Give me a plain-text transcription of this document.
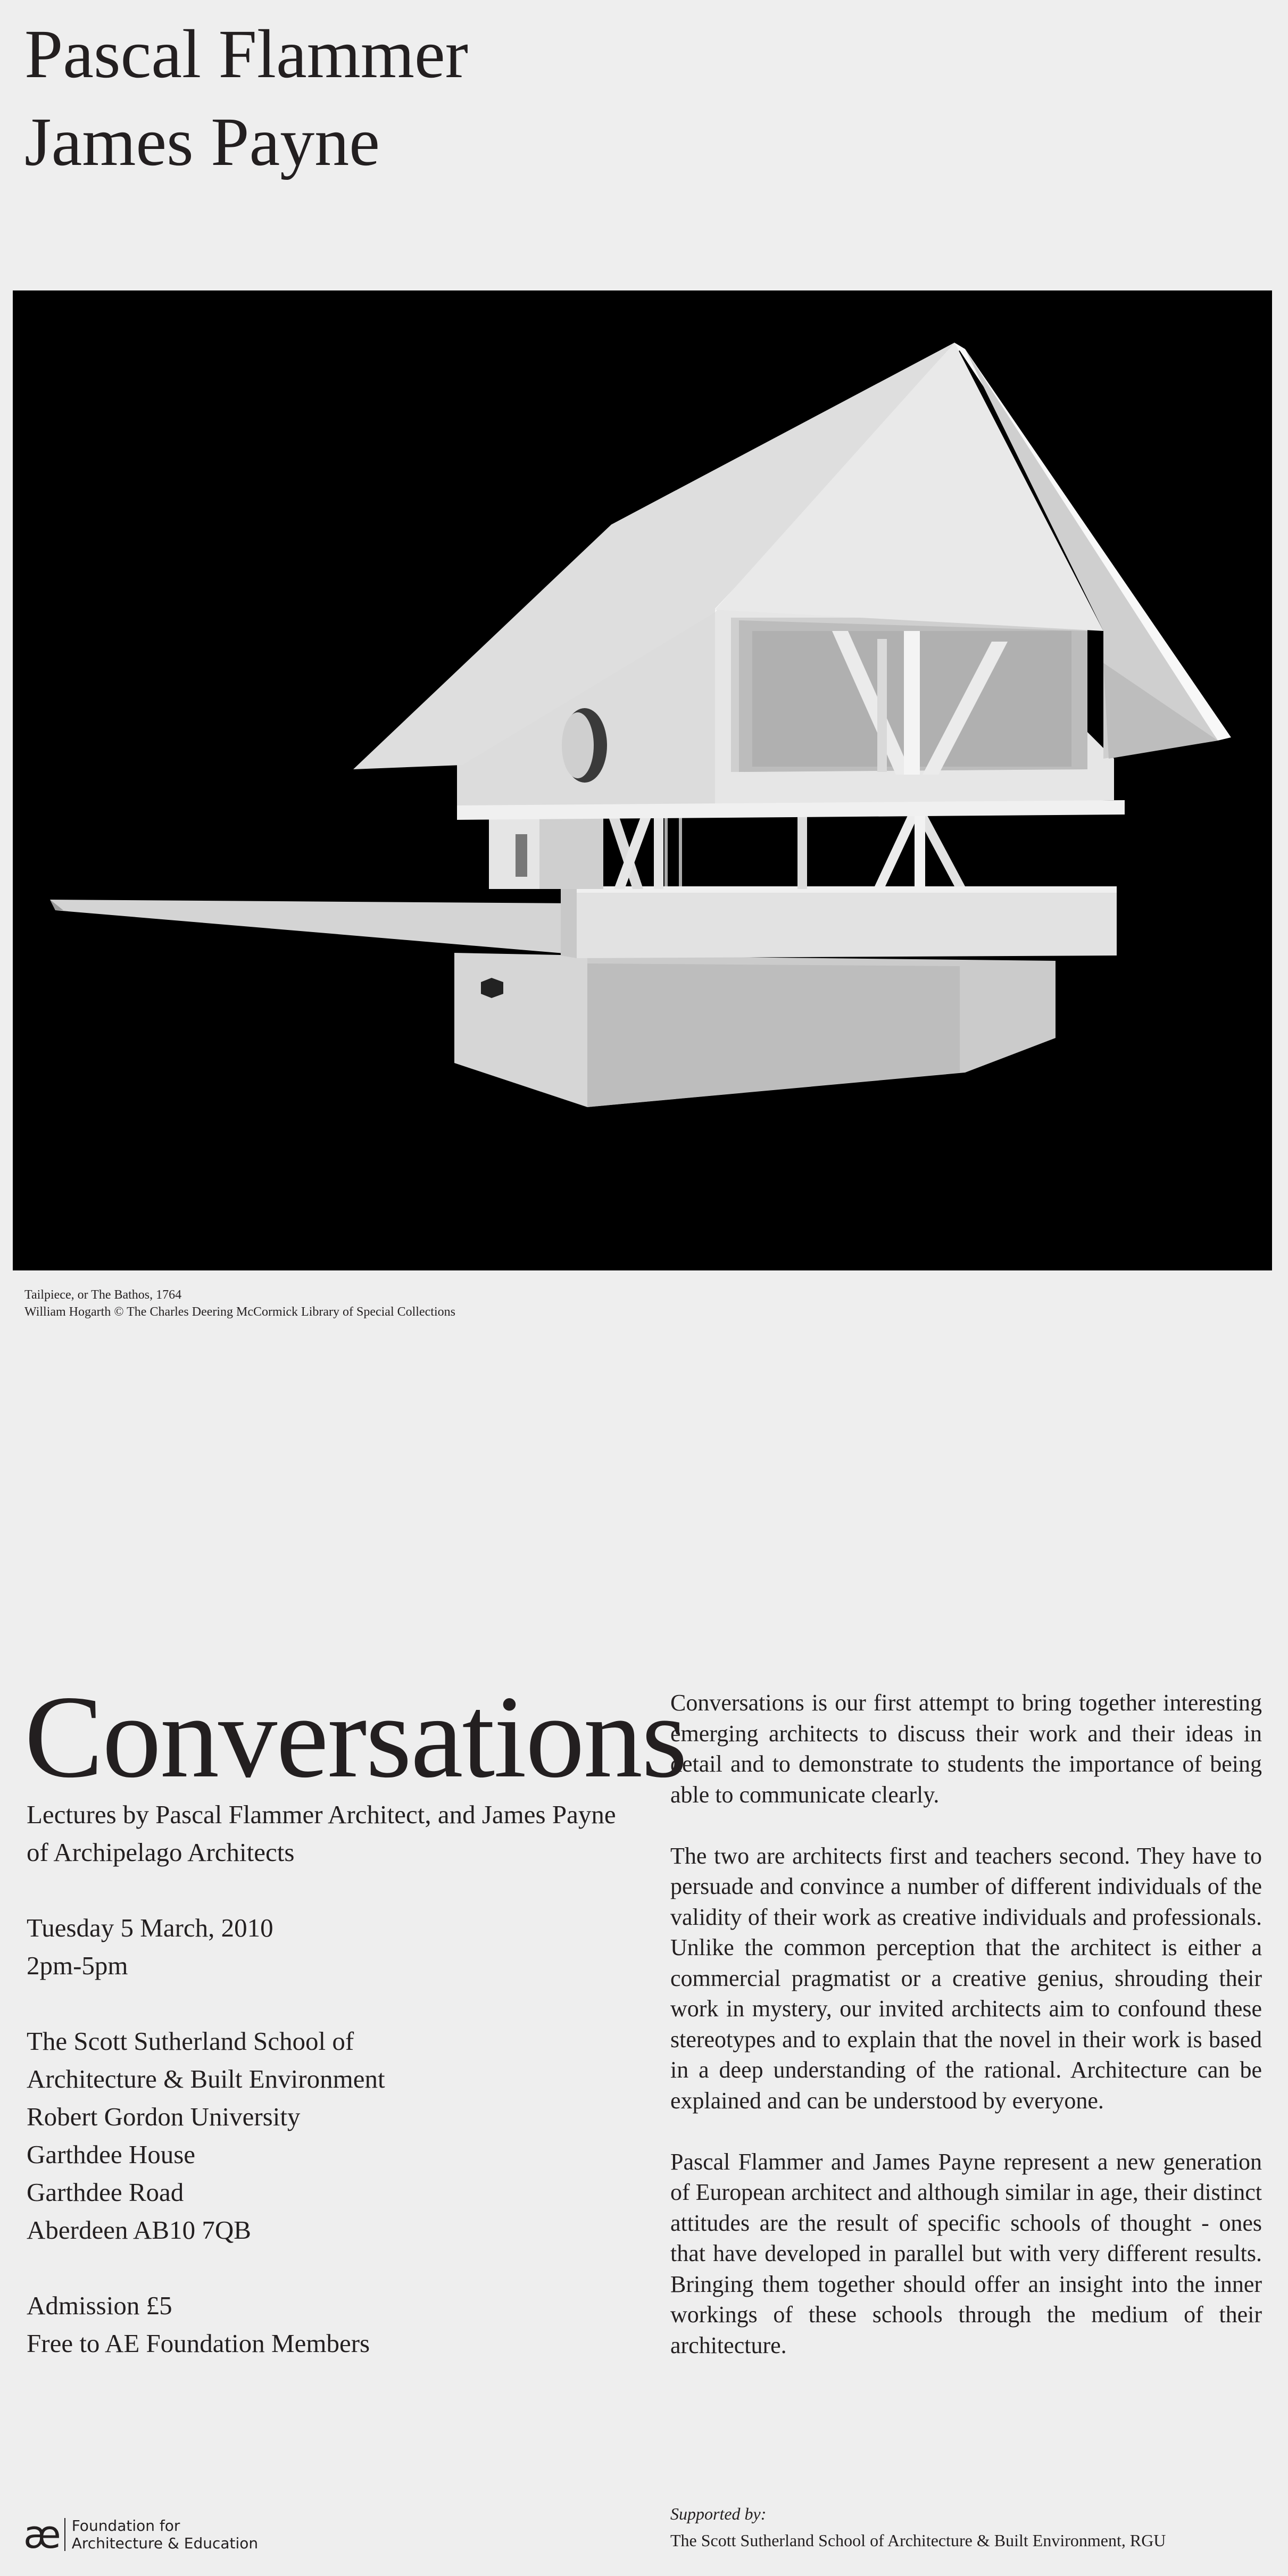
Pascal Flammer
James Payne
Tailpiece, or The Bathos, 1764
William Hogarth © The Charles Deering McCormick Library of Special Collections
Conversations

Lectures by Pascal Flammer Architect, and James Payne of Archipelago Architects

Tuesday 5 March, 2010
2pm-5pm

The Scott Sutherland School of
Architecture & Built Environment
Robert Gordon University
Garthdee House
Garthdee Road
Aberdeen AB10 7QB

Admission £5
Free to AE Foundation Members

Conversations is our first attempt to bring together interesting emerging architects to discuss their work and their ideas in detail and to demonstrate to students the importance of being able to communicate clearly.

The two are architects first and teachers second. They have to persuade and convince a number of different individuals of the validity of their work as creative individuals and professionals. Unlike the common perception that the architect is either a commercial pragmatist or a creative genius, shrouding their work in mystery, our invited architects aim to confound these stereotypes and to explain that the novel in their work is based in a deep understanding of the rational. Architecture can be explained and can be understood by everyone.

Pascal Flammer and James Payne represent a new generation of European architect and although similar in age, their distinct attitudes are the result of specific schools of thought - ones that have developed in parallel but with very different results. Bringing them together should offer an insight into the inner workings of these schools through the medium of their architecture.

æ Foundation for
Architecture & Education
Supported by:
The Scott Sutherland School of Architecture & Built Environment, RGU
